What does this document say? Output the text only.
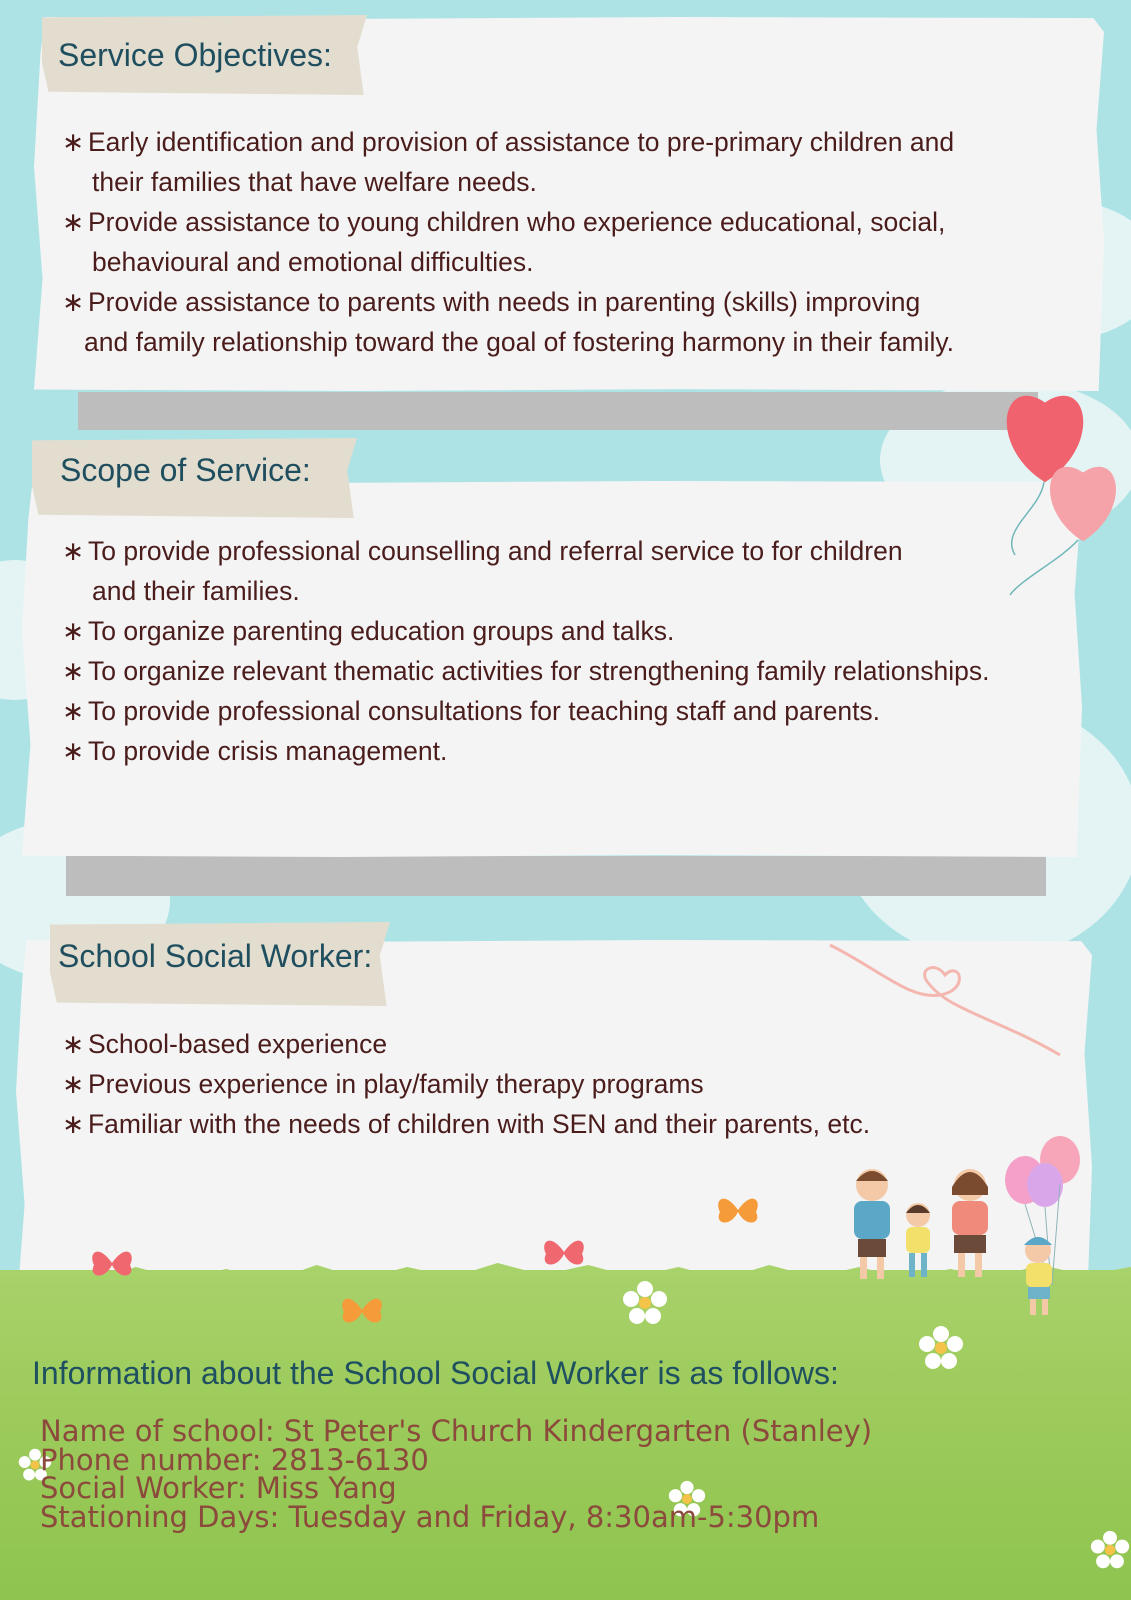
Service Objectives:
∗ Early identification and provision of assistance to pre-primary children and
their families that have welfare needs.
∗ Provide assistance to young children who experience educational, social,
behavioural and emotional difficulties.
∗ Provide assistance to parents with needs in parenting (skills) improving
and family relationship toward the goal of fostering harmony in their family.
Scope of Service:
∗ To provide professional counselling and referral service to for children
and their families.
∗ To organize parenting education groups and talks.
∗ To organize relevant thematic activities for strengthening family relationships.
∗ To provide professional consultations for teaching staff and parents.
∗ To provide crisis management.
School Social Worker:
∗ School-based experience
∗ Previous experience in play/family therapy programs
∗ Familiar with the needs of children with SEN and their parents, etc.
Information about the School Social Worker is as follows:
Name of school: St Peter's Church Kindergarten (Stanley)
Phone number: 2813-6130
Social Worker: Miss Yang
Stationing Days: Tuesday and Friday, 8:30am-5:30pm
